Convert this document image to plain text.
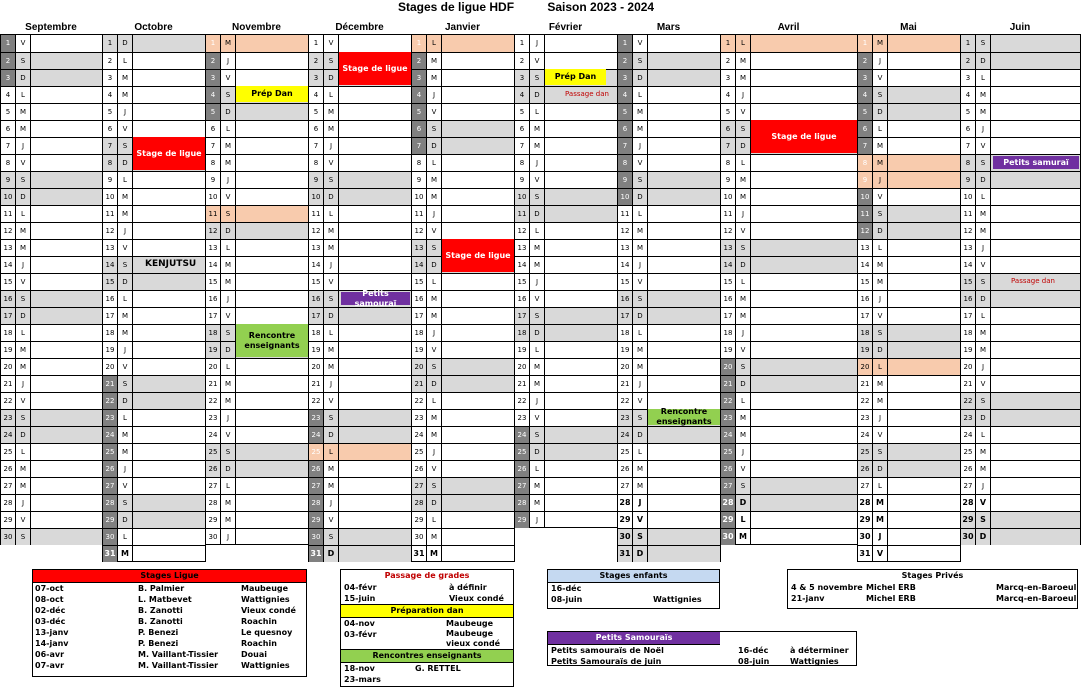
Stages de ligue HDF          Saison 2023 - 2024
Septembre
1	V
2	S
3	D
4	L
5	M
6	M
7	J
8	V
9	S
10	D
11	L
12	M
13	M
14	J
15	V
16	S
17	D
18	L
19	M
20	M
21	J
22	V
23	S
24	D
25	L
26	M
27	M
28	J
29	V
30	S
Octobre
1	D
2	L
3	M
4	M
5	J
6	V
7	S
8	D
9	L
10	M
11	M
12	J
13	V
14	S
15	D
16	L
17	M
18	M
19	J
20	V
21	S
22	D
23	L
24	M
25	M
26	J
27	V
28	S
29	D
30	L
31 M
Novembre
1	M
2	J
3	V
4	S
5	D
6	L
7	M
8	M
9	J
10	V
11	S
12	D
13	L
14	M
15	M
16	J
17	V
18	S
19	D
20	L
21	M
22	M
23	J
24	V
25	S
26	D
27	L
28	M
29	M
30	J
Décembre
1	V
2	S
3	D
4	L
5	M
6	M
7	J
8	V
9	S
10	D
11	L
12	M
13	M
14	J
15	V
16	S
17	D
18	L
19	M
20	M
21	J
22	V
23	S
24	D
25	L
26	M
27	M
28	J
29	V
30	S
31 D
Janvier
1	L
2	M
3	M
4	J
5	V
6	S
7	D
8	L
9	M
10	M
11	J
12	V
13	S
14	D
15	L
16	M
17	M
18	J
19	V
20	S
21	D
22	L
23	M
24	M
25	J
26	V
27	S
28	D
29	L
30	M
31 M
Février
1	J
2	V
3	S
4	D
5	L
6	M
7	M
8	J
9	V
10	S
11	D
12	L
13	M
14	M
15	J
16	V
17	S
18	D
19	L
20	M
21	M
22	J
23	V
24	S
25	D
26	L
27	M
28	M
29	J
Mars
1	V
2	S
3	D
4	L
5	M
6	M
7	J
8	V
9	S
10	D
11	L
12	M
13	M
14	J
15	V
16	S
17	D
18	L
19	M
20	M
21	J
22	V
23	S
24	D
25	L
26	M
27	M
28 J
29 V
30 S
31 D
Avril
1	L
2	M
3	M
4	J
5	V
6	S
7	D
8	L
9	M
10	M
11	J
12	V
13	S
14	D
15	L
16	M
17	M
18	J
19	V
20	S
21	D
22	L
23	M
24	M
25	J
26	V
27	S
28 D
29 L
30 M
Mai
1	M
2	J
3	V
4	S
5	D
6	L
7	M
8	M
9	J
10	V
11	S
12	D
13	L
14	M
15	M
16	J
17	V
18	S
19	D
20	L
21	M
22	M
23	J
24	V
25	S
26	D
27	L
28 M
29 M
30 J
31 V
Juin
1	S
2	D
3	L
4	M
5	M
6	J
7	V
8	S
9	D
10	L
11	M
12	M
13	J
14	V
15	S
16	D
17	L
18	M
19	M
20	J
21	V
22	S
23	D
24	L
25	M
26	M
27	J
28 V
29 S
30 D
Stage de ligue
KENJUTSU
Prép Dan
Rencontre enseignants
Stage de ligue
Petits samouraï
Stage de ligue
Prép Dan
Passage dan
Rencontre enseignants
Stage de ligue
Petits samuraï
Passage dan
Stages Ligue
07-oct	B. Palmier	Maubeuge
08-oct	L. Matbevet	Wattignies
02-déc	B. Zanotti	Vieux condé
03-déc	B. Zanotti	Roachin
13-janv	P. Benezi	Le quesnoy
14-janv	P. Benezi	Roachin
06-avr	M. Vaillant-Tissier	Douai
07-avr	M. Vaillant-Tissier	Wattignies
Passage de grades
04-févr	à définir
15-juin	Vieux condé
Préparation dan
04-nov	Maubeuge
03-févr	Maubeuge vieux condé
Rencontres enseignants
18-nov	G. RETTEL
23-mars
Stages enfants
16-déc
08-juin	Wattignies
Petits Samouraïs
Petits samouraïs de Noël	16-déc	à déterminer
Petits Samouraïs de juin	08-juin	Wattignies
Stages Privés
4 & 5 novembre Michel ERB	Marcq-en-Baroeul
21-janv	Michel ERB	Marcq-en-Baroeul
